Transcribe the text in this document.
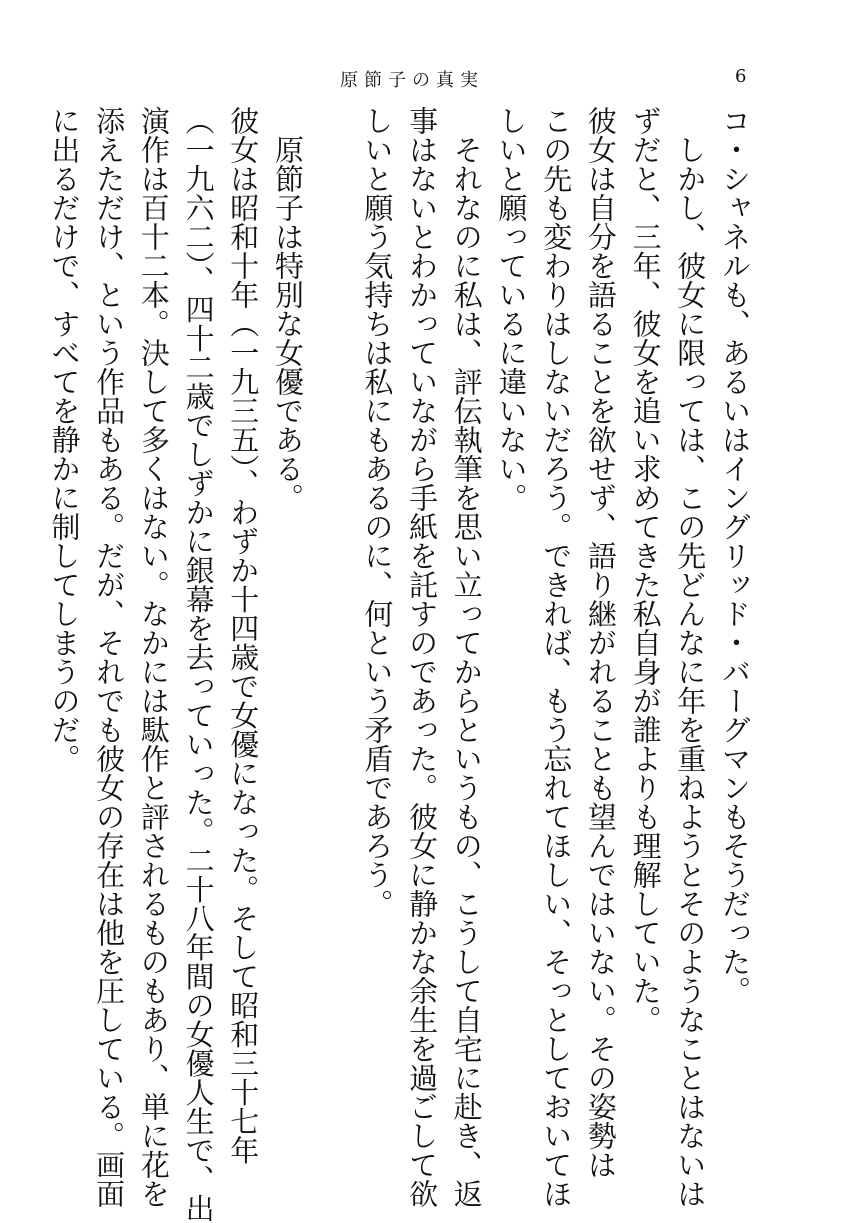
原節子の真実	6
コ・シャネルも、あるいはイングリッド・バーグマンもそうだった。
しかし、彼女に限っては、この先どんなに年を重ねようとそのようなことはないは
ずだと、三年、彼女を追い求めてきた私自身が誰よりも理解していた。
彼女は自分を語ることを欲せず、語り継がれることも望んではいない。その姿勢は
この先も変わりはしないだろう。できれば、もう忘れてほしい、そっとしておいてほ
しいと願っているに違いない。
それなのに私は、評伝執筆を思い立ってからというもの、こうして自宅に赴き、返
事はないとわかっていながら手紙を託すのであった。彼女に静かな余生を過ごして欲
しいと願う気持ちは私にもあるのに、何という矛盾であろう。
原節子は特別な女優である。
彼女は昭和十年（一九三五）、わずか十四歳で女優になった。そして昭和三十七年
（一九六二）、四十二歳でしずかに銀幕を去っていった。二十八年間の女優人生で、出
演作は百十二本。決して多くはない。なかには駄作と評されるものもあり、単に花を
添えただけ、という作品もある。だが、それでも彼女の存在は他を圧している。画面
に出るだけで、すべてを静かに制してしまうのだ。
